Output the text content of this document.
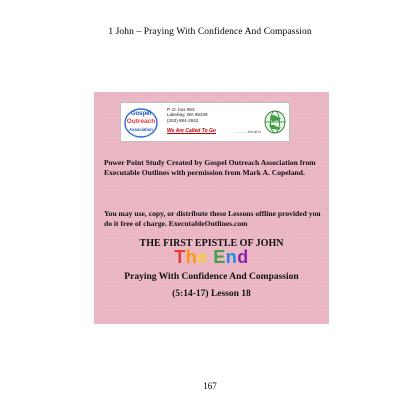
1 John – Praying With Confidence And Compassion
Gospel
Outreach
Association
P. O. box 953
Lakebay, WA 98349
(253) 884-2642
We Are Called To Go	...............but all to
Power Point Study Created by Gospel Outreach Association from Executable Outlines with permission from Mark A. Copeland.
You may use, copy, or distribute these Lessons offline provided you do it free of charge. ExecutableOutlines.com
THE FIRST EPISTLE OF JOHN
The End
Praying With Confidence And Compassion
(5:14-17) Lesson 18
167
